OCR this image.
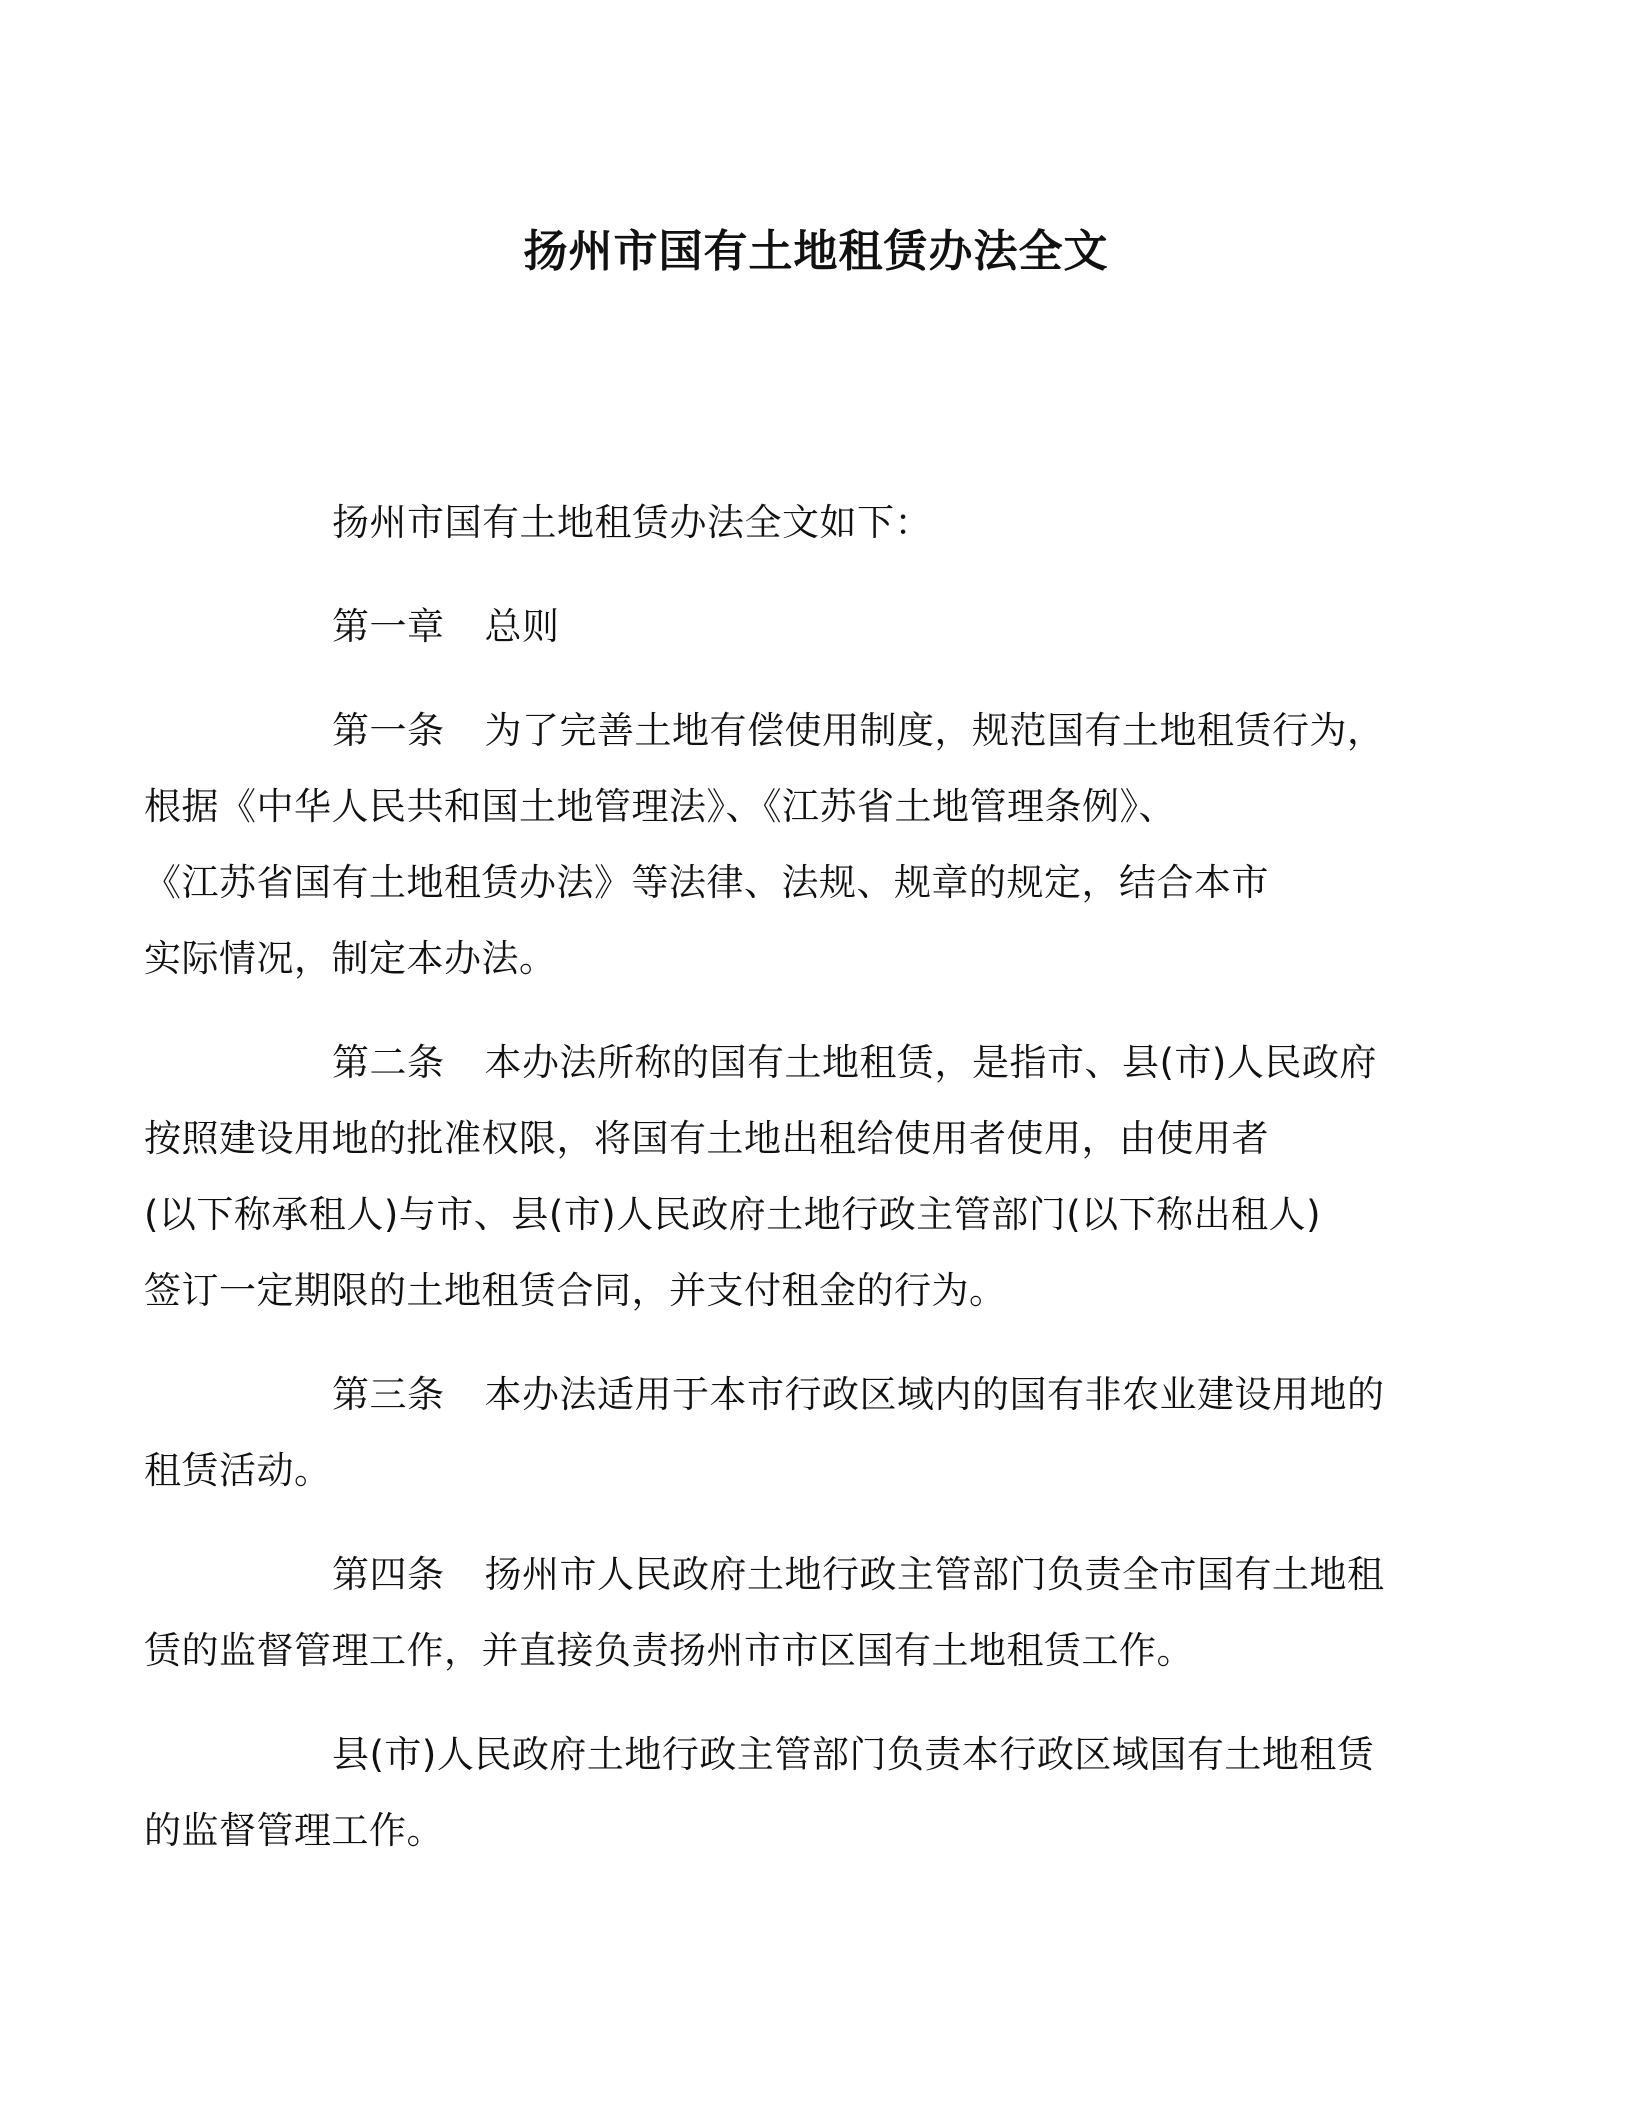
扬州市国有土地租赁办法全文

扬州市国有土地租赁办法全文如下：

第一章 总则

第一条 为了完善土地有偿使用制度，规范国有土地租赁行为，
根据《中华人民共和国土地管理法》、《江苏省土地管理条例》、
《江苏省国有土地租赁办法》等法律、法规、规章的规定，结合本市
实际情况，制定本办法。

第二条 本办法所称的国有土地租赁，是指市、县(市)人民政府
按照建设用地的批准权限，将国有土地出租给使用者使用，由使用者
(以下称承租人)与市、县(市)人民政府土地行政主管部门(以下称出租人)
签订一定期限的土地租赁合同，并支付租金的行为。

第三条 本办法适用于本市行政区域内的国有非农业建设用地的
租赁活动。

第四条 扬州市人民政府土地行政主管部门负责全市国有土地租
赁的监督管理工作，并直接负责扬州市市区国有土地租赁工作。

县(市)人民政府土地行政主管部门负责本行政区域国有土地租赁
的监督管理工作。
